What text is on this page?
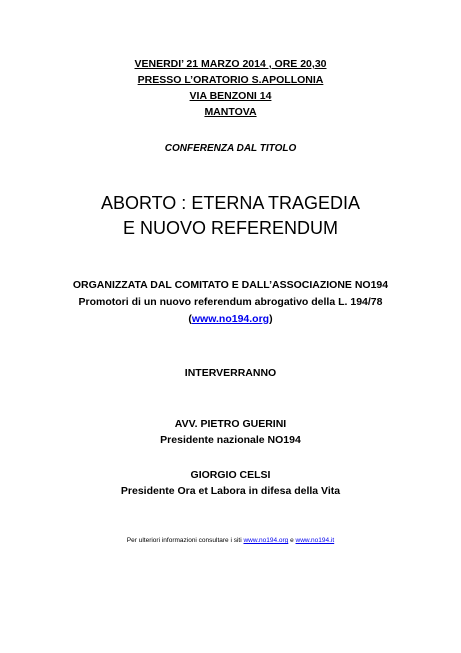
VENERDI’ 21 MARZO 2014 , ORE 20,30
PRESSO L’ORATORIO S.APOLLONIA
VIA BENZONI 14
MANTOVA
CONFERENZA DAL TITOLO
ABORTO : ETERNA TRAGEDIA
E NUOVO REFERENDUM
ORGANIZZATA DAL COMITATO E DALL’ASSOCIAZIONE NO194
Promotori di un nuovo referendum abrogativo della L. 194/78
(www.no194.org)
INTERVERRANNO
AVV. PIETRO GUERINI
Presidente nazionale NO194
GIORGIO CELSI
Presidente Ora et Labora in difesa della Vita
Per ulteriori informazioni consultare i siti www.no194.org e www.no194.it
